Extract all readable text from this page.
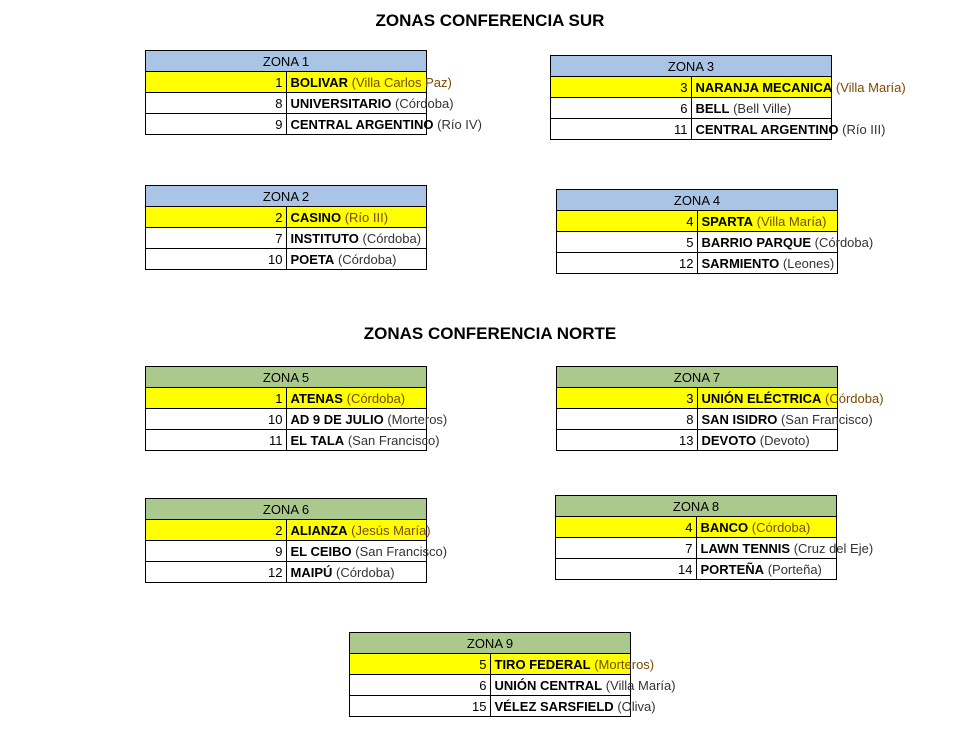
ZONAS CONFERENCIA SUR
ZONAS CONFERENCIA NORTE
ZONA 1	
1	BOLIVAR (Villa Carlos Paz)
8	UNIVERSITARIO (Córdoba)
9	CENTRAL ARGENTINO (Río IV)
ZONA 2	
2	CASINO (Río III)
7	INSTITUTO (Córdoba)
10	POETA (Córdoba)
ZONA 3	
3	NARANJA MECANICA (Villa María)
6	BELL (Bell Ville)
11	CENTRAL ARGENTINO (Río III)
ZONA 4	
4	SPARTA (Villa María)
5	BARRIO PARQUE (Córdoba)
12	SARMIENTO (Leones)
ZONA 5	
1	ATENAS (Córdoba)
10	AD 9 DE JULIO (Morteros)
11	EL TALA (San Francisco)
ZONA 6	
2	ALIANZA (Jesús María)
9	EL CEIBO (San Francisco)
12	MAIPÚ (Córdoba)
ZONA 7	
3	UNIÓN ELÉCTRICA (Córdoba)
8	SAN ISIDRO (San Francisco)
13	DEVOTO (Devoto)
ZONA 8	
4	BANCO (Córdoba)
7	LAWN TENNIS (Cruz del Eje)
14	PORTEÑA (Porteña)
ZONA 9	
5	TIRO FEDERAL (Morteros)
6	UNIÓN CENTRAL (Villa María)
15	VÉLEZ SARSFIELD (Oliva)
